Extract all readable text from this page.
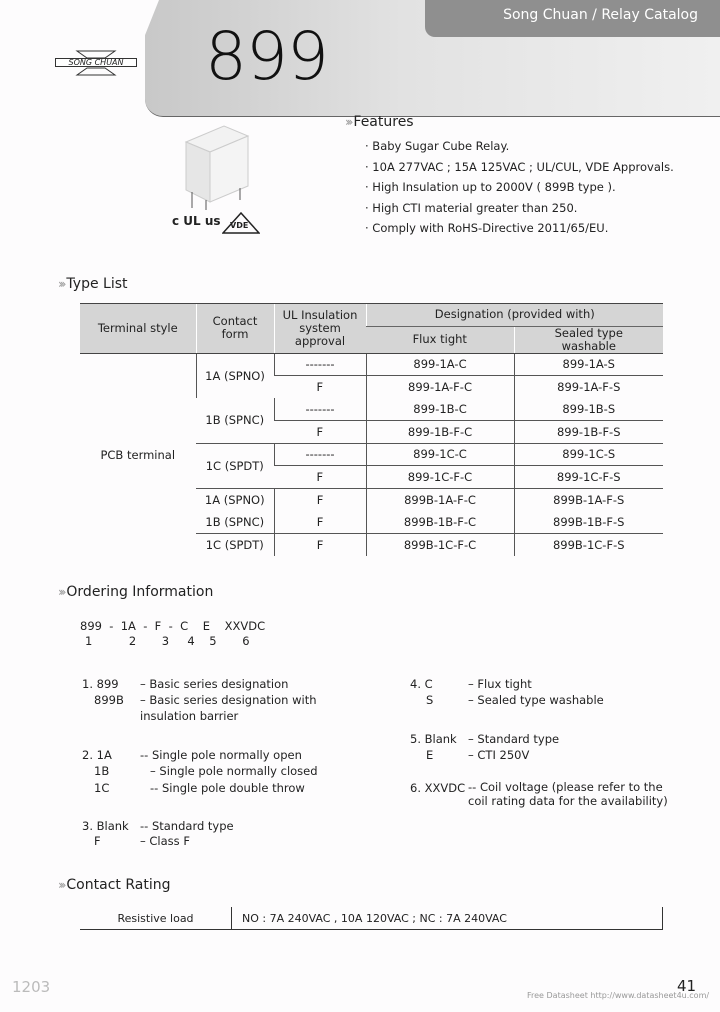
Song Chuan / Relay Catalog
899
SONG CHUAN
c UL us VDE
››› Features
· Baby Sugar Cube Relay.
· 10A 277VAC ; 15A 125VAC ; UL/CUL, VDE Approvals.
· High Insulation up to 2000V ( 899B type ).
· High CTI material greater than 250.
· Comply with RoHS-Directive 2011/65/EU.
››› Type List
Terminal style	Contact form	UL Insulation system approval	Designation (provided with)	
			Flux tight	Sealed type washable
PCB terminal	1A (SPNO)	-------	899-1A-C	899-1A-S
		F	899-1A-F-C	899-1A-F-S
	1B (SPNC)	-------	899-1B-C	899-1B-S
		F	899-1B-F-C	899-1B-F-S
	1C (SPDT)	-------	899-1C-C	899-1C-S
		F	899-1C-F-C	899-1C-F-S
	1A (SPNO)	F	899B-1A-F-C	899B-1A-F-S
	1B (SPNC)	F	899B-1B-F-C	899B-1B-F-S
	1C (SPDT)	F	899B-1C-F-C	899B-1C-F-S
››› Ordering Information
899  -  1A  -  F  -  C    E    XXVDC
1          2       3     4    5       6
1. 899	– Basic series designation
899B	– Basic series designation with insulation barrier
2. 1A	-- Single pole normally open
1B	– Single pole normally closed
1C	-- Single pole double throw
3. Blank -- Standard type
F	– Class F
4. C	– Flux tight
S	– Sealed type washable
5. Blank – Standard type
E	– CTI 250V
6. XXVDC -- Coil voltage (please refer to the coil rating data for the availability)
››› Contact Rating
Resistive load	NO : 7A 240VAC , 10A 120VAC ; NC : 7A 240VAC
1203	41
Free Datasheet http://www.datasheet4u.com/
